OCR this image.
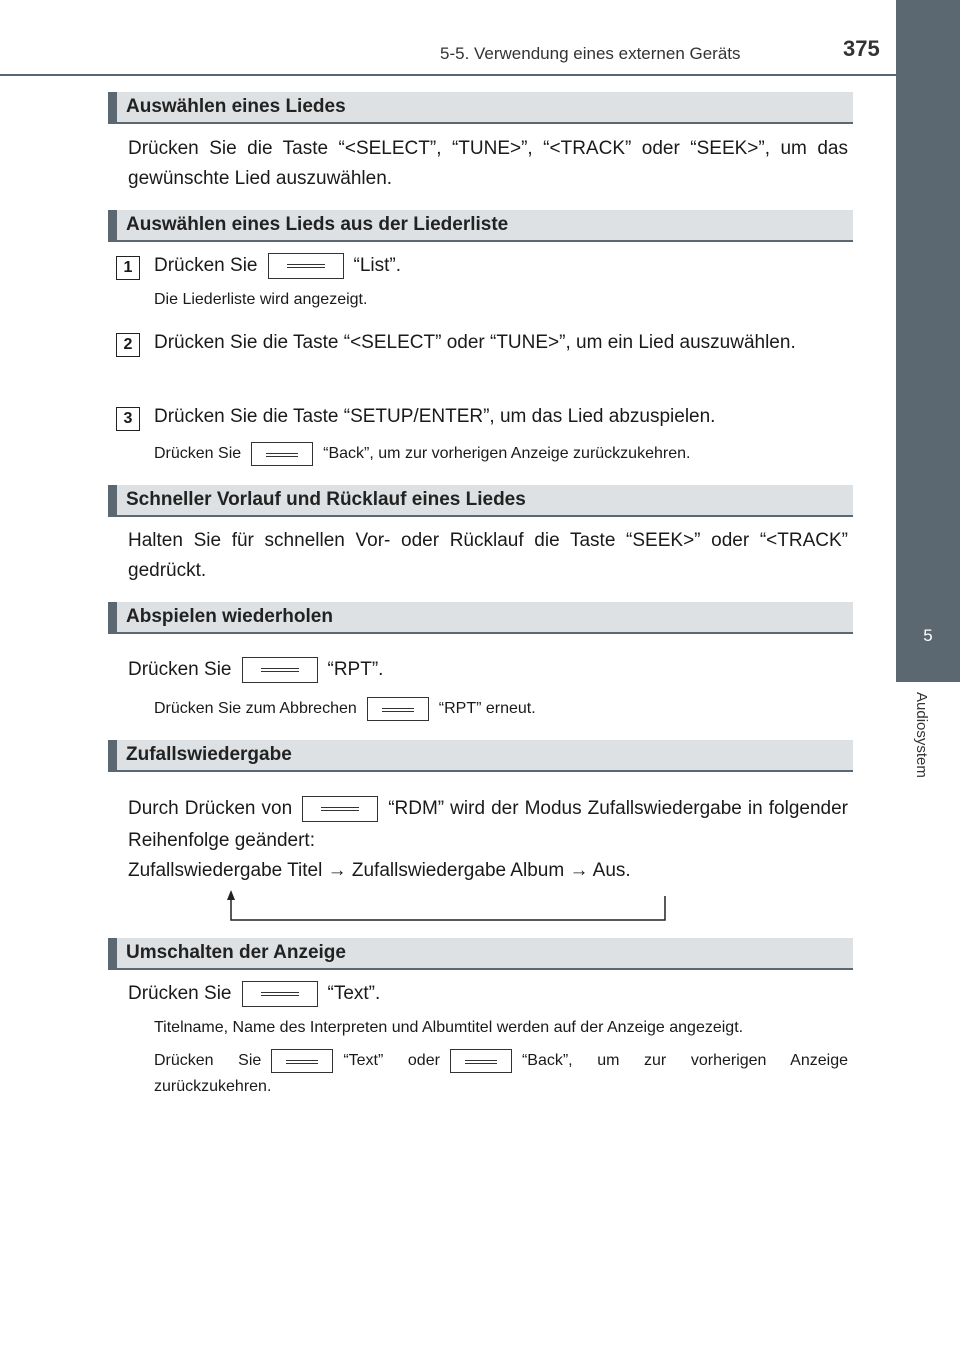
5-5. Verwendung eines externen Geräts	375
5
Audiosystem
Auswählen eines Liedes
Drücken Sie die Taste “<SELECT”, “TUNE>”, “<TRACK” oder “SEEK>”, um das gewünschte Lied auszuwählen.
Auswählen eines Lieds aus der Liederliste
1	Drücken Sie	“List”.
Die Liederliste wird angezeigt.
2	Drücken Sie die Taste “<SELECT” oder “TUNE>”, um ein Lied auszuwählen.
3	Drücken Sie die Taste “SETUP/ENTER”, um das Lied abzuspielen.
Drücken Sie	“Back”, um zur vorherigen Anzeige zurückzukehren.
Schneller Vorlauf und Rücklauf eines Liedes
Halten Sie für schnellen Vor- oder Rücklauf die Taste “SEEK>” oder “<TRACK” gedrückt.
Abspielen wiederholen
Drücken Sie	“RPT”.
Drücken Sie zum Abbrechen	“RPT” erneut.
Zufallswiedergabe
Durch Drücken von	“RDM” wird der Modus Zufallswiedergabe in folgender Reihenfolge geändert:
Zufallswiedergabe Titel → Zufallswiedergabe Album → Aus.
Umschalten der Anzeige
Drücken Sie	“Text”.
Titelname, Name des Interpreten und Albumtitel werden auf der Anzeige angezeigt.
Drücken Sie	“Text” oder	“Back”, um zur vorherigen Anzeige zurückzukehren.
